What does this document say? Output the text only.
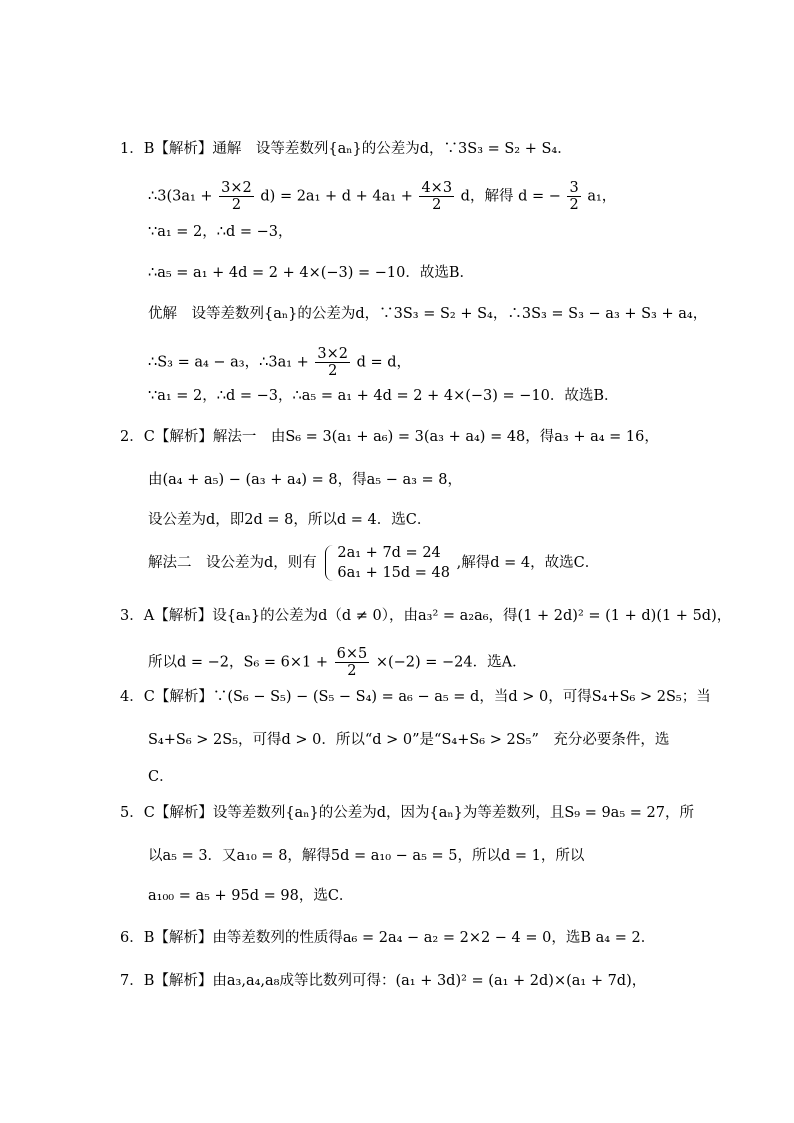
1．B【解析】通解　设等差数列{aₙ}的公差为d，∵3S₃ = S₂ + S₄．
∴3(3a₁ + $\frac{3\times 2}{2} d) = 2a_1 + d + 4a_1 + \frac{4\times 3}{2}$ d，解得 d = − $\frac{3}{2} a_1$，
∵a₁ = 2，∴d = −3，
∴a₅ = a₁ + 4d = 2 + 4×(−3) = −10．故选B．
优解　设等差数列{aₙ}的公差为d，∵3S₃ = S₂ + S₄，∴3S₃ = S₃ − a₃ + S₃ + a₄，
∴S₃ = a₄ − a₃，∴3a₁ + $\frac{3\times 2}{2}$ d = d，
∵a₁ = 2，∴d = −3，∴a₅ = a₁ + 4d = 2 + 4×(−3) = −10．故选B．
2．C【解析】解法一　由S₆ = 3(a₁ + a₆) = 3(a₃ + a₄) = 48，得a₃ + a₄ = 16，
由(a₄ + a₅) − (a₃ + a₄) = 8，得a₅ − a₃ = 8，
设公差为d，即2d = 8，所以d = 4．选C．
解法二　设公差为d，则有
2a₁ + 7d = 24
6a₁ + 15d = 48
,解得d = 4，故选C．
3．A【解析】设{aₙ}的公差为d（d ≠ 0），由a₃² = a₂a₆，得(1 + 2d)² = (1 + d)(1 + 5d)，
所以d = −2，$S_6 = 6\times 1 + \frac{6\times 5}{2} \times(-2) = -24$．选A．
4．C【解析】∵(S₆ − S₅) − (S₅ − S₄) = a₆ − a₅ = d，当d > 0，可得S₄+S₆ > 2S₅；当
S₄+S₆ > 2S₅，可得d > 0．所以“d > 0”是“S₄+S₆ > 2S₅”　充分必要条件，选
C．
5．C【解析】设等差数列{aₙ}的公差为d，因为{aₙ}为等差数列，且S₉ = 9a₅ = 27，所
以a₅ = 3．又a₁₀ = 8，解得5d = a₁₀ − a₅ = 5，所以d = 1，所以
a₁₀₀ = a₅ + 95d = 98，选C．
6．B【解析】由等差数列的性质得a₆ = 2a₄ − a₂ = 2×2 − 4 = 0，选B a₄ = 2．
7．B【解析】由a₃,a₄,a₈成等比数列可得：(a₁ + 3d)² = (a₁ + 2d)×(a₁ + 7d)，
